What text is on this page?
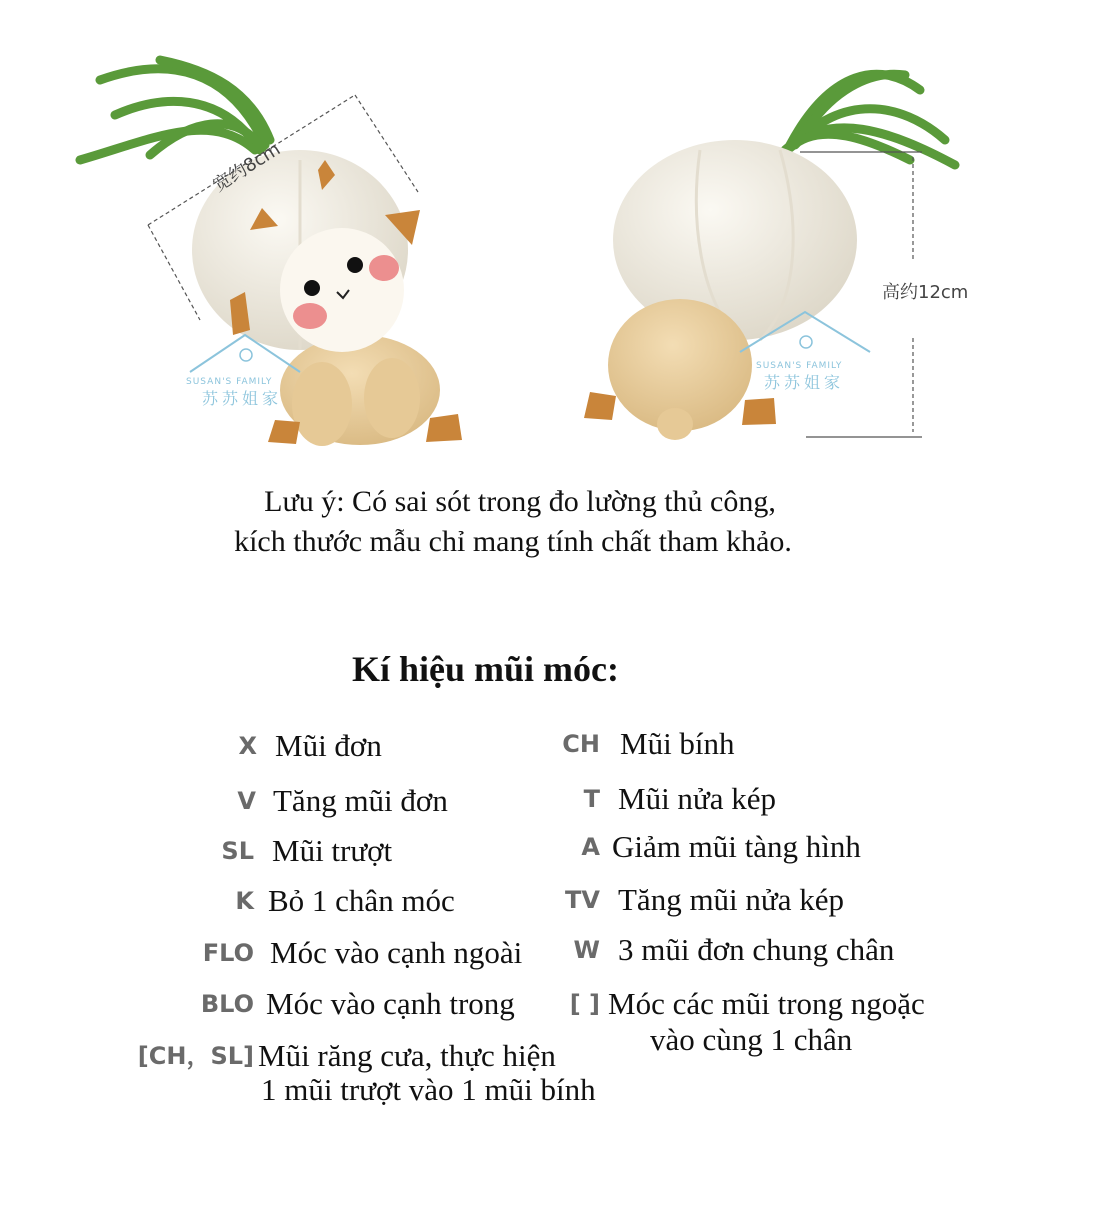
宽约8cm
SUSAN'S FAMILY
苏苏姐家
高约12cm
SUSAN'S FAMILY
苏苏姐家
Lưu ý: Có sai sót trong đo lường thủ công,
kích thước mẫu chỉ mang tính chất tham khảo.
Kí hiệu mũi móc:
X Mũi đơn
V Tăng mũi đơn
SL Mũi trượt
K Bỏ 1 chân móc
FLO Móc vào cạnh ngoài
BLO Móc vào cạnh trong
[CH，SL] Mũi răng cưa, thực hiện
1 mũi trượt vào 1 mũi bính
CH Mũi bính
T Mũi nửa kép
A Giảm mũi tàng hình
TV Tăng mũi nửa kép
W 3 mũi đơn chung chân
[ ] Móc các mũi trong ngoặc
vào cùng 1 chân
